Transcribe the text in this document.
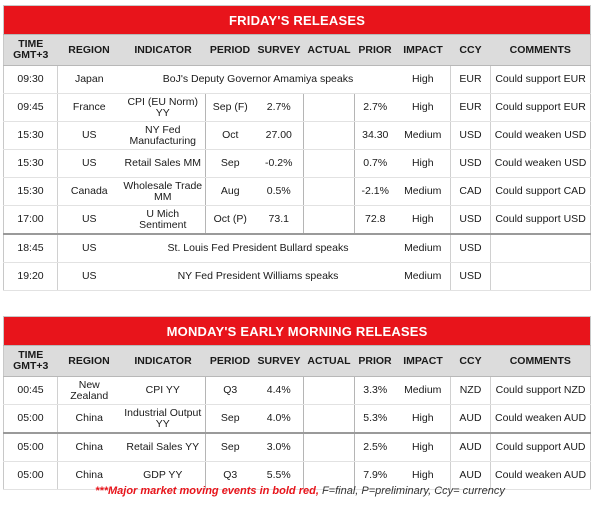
FRIDAY'S RELEASES									
TIME
GMT+3	REGION	INDICATOR	PERIOD	SURVEY	ACTUAL	PRIOR	IMPACT	CCY	COMMENTS
09:30	Japan	BoJ's Deputy Governor Amamiya speaks					High	EUR	Could support EUR
09:45	France	CPI (EU Norm) YY	Sep (F)	2.7%		2.7%	High	EUR	Could support EUR
15:30	US	NY Fed Manufacturing	Oct	27.00		34.30	Medium	USD	Could weaken USD
15:30	US	Retail Sales MM	Sep	-0.2%		0.7%	High	USD	Could weaken USD
15:30	Canada	Wholesale Trade MM	Aug	0.5%		-2.1%	Medium	CAD	Could support CAD
17:00	US	U Mich Sentiment	Oct (P)	73.1		72.8	High	USD	Could support USD
18:45	US	St. Louis Fed President Bullard speaks					Medium	USD	
19:20	US	NY Fed President Williams speaks					Medium	USD	
MONDAY'S EARLY MORNING RELEASES									
TIME
GMT+3	REGION	INDICATOR	PERIOD	SURVEY	ACTUAL	PRIOR	IMPACT	CCY	COMMENTS
00:45	New Zealand	CPI YY	Q3	4.4%		3.3%	Medium	NZD	Could support NZD
05:00	China	Industrial Output YY	Sep	4.0%		5.3%	High	AUD	Could weaken AUD
05:00	China	Retail Sales YY	Sep	3.0%		2.5%	High	AUD	Could support AUD
05:00	China	GDP YY	Q3	5.5%		7.9%	High	AUD	Could weaken AUD
***Major market moving events in bold red, F=final, P=preliminary, Ccy= currency
